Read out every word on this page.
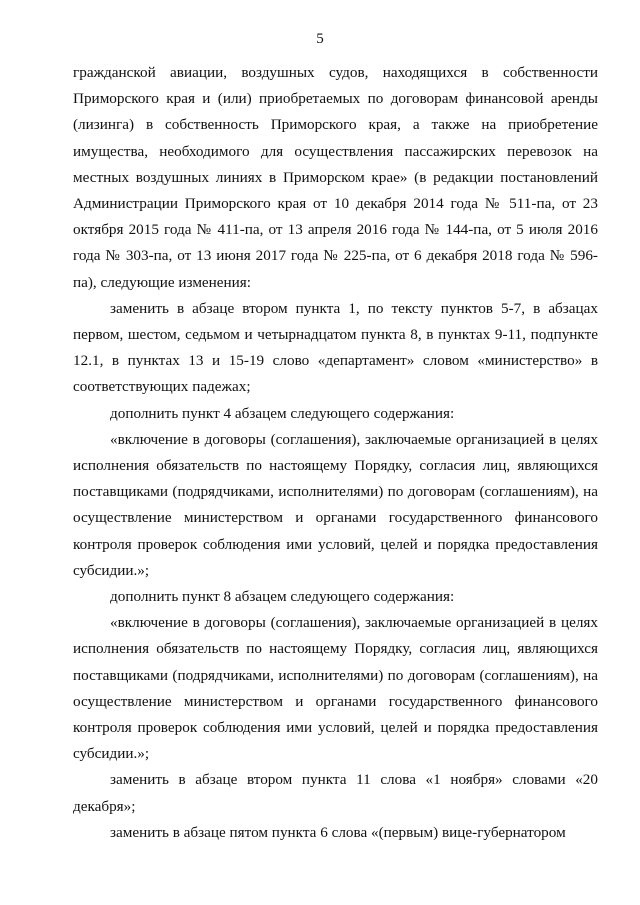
5

гражданской авиации, воздушных судов, находящихся в собственности Приморского края и (или) приобретаемых по договорам финансовой аренды (лизинга) в собственность Приморского края, а также на приобретение имущества, необходимого для осуществления пассажирских перевозок на местных воздушных линиях в Приморском крае» (в редакции постановлений Администрации Приморского края от 10 декабря 2014 года № 511-па, от 23 октября 2015 года № 411-па, от 13 апреля 2016 года № 144-па, от 5 июля 2016 года № 303-па, от 13 июня 2017 года № 225-па, от 6 декабря 2018 года № 596-па), следующие изменения:

заменить в абзаце втором пункта 1, по тексту пунктов 5-7, в абзацах первом, шестом, седьмом и четырнадцатом пункта 8, в пунктах 9-11, подпункте 12.1, в пунктах 13 и 15-19 слово «департамент» словом «министерство» в соответствующих падежах;

дополнить пункт 4 абзацем следующего содержания:

«включение в договоры (соглашения), заключаемые организацией в целях исполнения обязательств по настоящему Порядку, согласия лиц, являющихся поставщиками (подрядчиками, исполнителями) по договорам (соглашениям), на осуществление министерством и органами государственного финансового контроля проверок соблюдения ими условий, целей и порядка предоставления субсидии.»;

дополнить пункт 8 абзацем следующего содержания:

«включение в договоры (соглашения), заключаемые организацией в целях исполнения обязательств по настоящему Порядку, согласия лиц, являющихся поставщиками (подрядчиками, исполнителями) по договорам (соглашениям), на осуществление министерством и органами государственного финансового контроля проверок соблюдения ими условий, целей и порядка предоставления субсидии.»;

заменить в абзаце втором пункта 11 слова «1 ноября» словами «20 декабря»;

заменить в абзаце пятом пункта 6 слова «(первым) вице-губернатором
